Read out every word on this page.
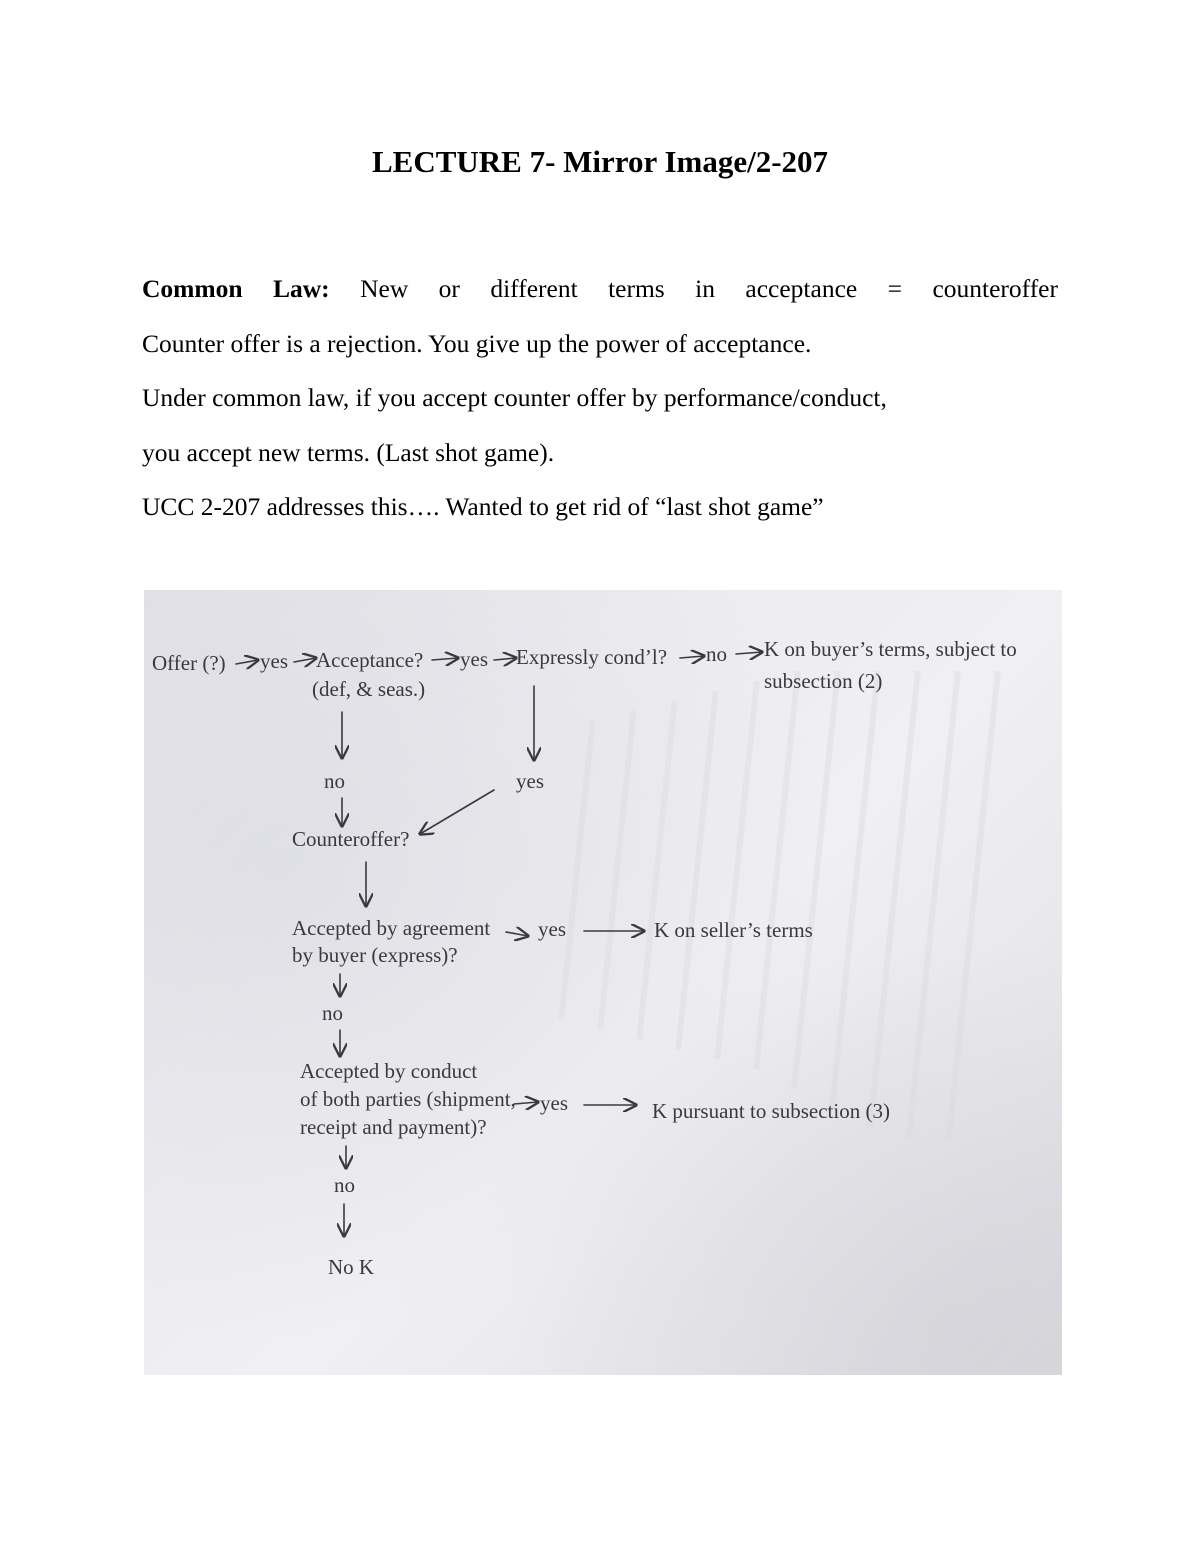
LECTURE 7- Mirror Image/2-207

Common Law: New or different terms in acceptance = counteroffer

Counter offer is a rejection. You give up the power of acceptance.

Under common law, if you accept counter offer by performance/conduct,

you accept new terms. (Last shot game).

UCC 2-207 addresses this…. Wanted to get rid of “last shot game”

Offer (?) yes Acceptance?
(def, & seas.)
yes Expressly cond’l? no K on buyer’s terms, subject to
subsection (2)
no	yes
Counteroffer?
Accepted by agreement
by buyer (express)?
yes	K on seller’s terms
no
Accepted by conduct
of both parties (shipment,
receipt and payment)?
yes	K pursuant to subsection (3)
no
No K
